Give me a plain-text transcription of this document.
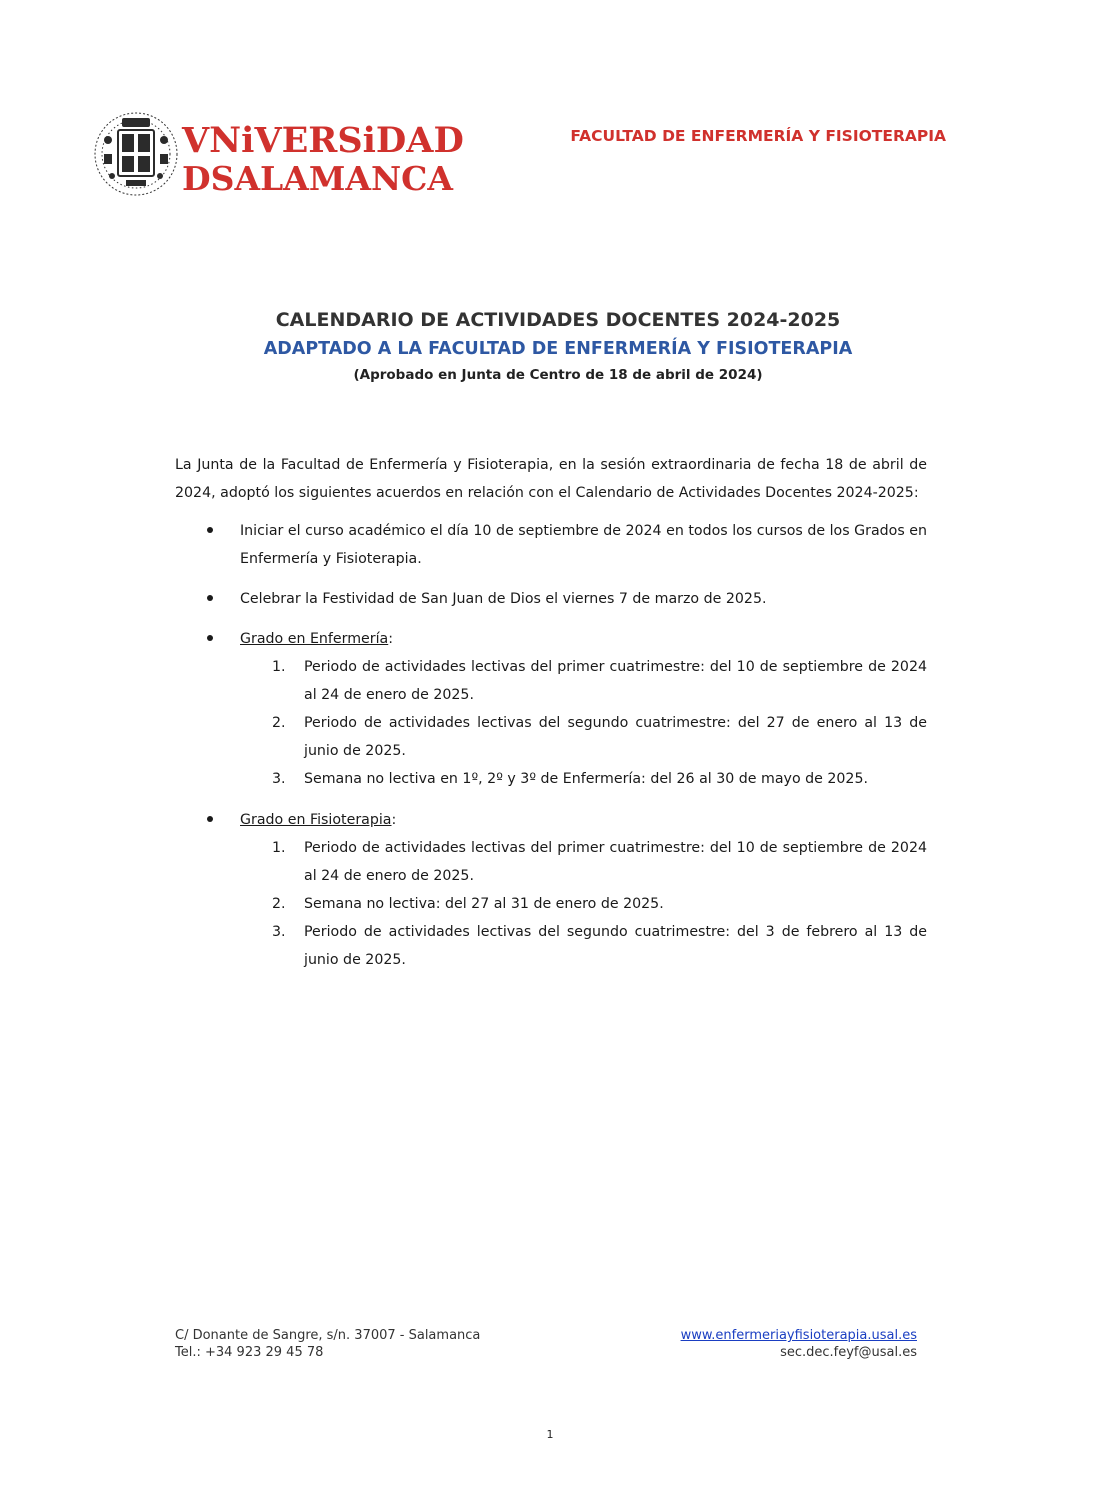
VNiVERSiDAD
DSALAMANCA
FACULTAD DE ENFERMERÍA Y FISIOTERAPIA
CALENDARIO DE ACTIVIDADES DOCENTES 2024-2025
ADAPTADO A LA FACULTAD DE ENFERMERÍA Y FISIOTERAPIA
(Aprobado en Junta de Centro de 18 de abril de 2024)

La Junta de la Facultad de Enfermería y Fisioterapia, en la sesión extraordinaria de fecha 18 de abril de 2024, adoptó los siguientes acuerdos en relación con el Calendario de Actividades Docentes 2024-2025:

Iniciar el curso académico el día 10 de septiembre de 2024 en todos los cursos de los Grados en Enfermería y Fisioterapia.

Celebrar la Festividad de San Juan de Dios el viernes 7 de marzo de 2025.

Grado en Enfermería:
1. Periodo de actividades lectivas del primer cuatrimestre: del 10 de septiembre de 2024 al 24 de enero de 2025.
2. Periodo de actividades lectivas del segundo cuatrimestre: del 27 de enero al 13 de junio de 2025.
3. Semana no lectiva en 1º, 2º y 3º de Enfermería: del 26 al 30 de mayo de 2025.
Grado en Fisioterapia:
1. Periodo de actividades lectivas del primer cuatrimestre: del 10 de septiembre de 2024 al 24 de enero de 2025.
2. Semana no lectiva: del 27 al 31 de enero de 2025.
3. Periodo de actividades lectivas del segundo cuatrimestre: del 3 de febrero al 13 de junio de 2025.
C/ Donante de Sangre, s/n. 37007 - Salamanca
Tel.: +34 923 29 45 78
www.enfermeriayfisioterapia.usal.es
sec.dec.feyf@usal.es
1
